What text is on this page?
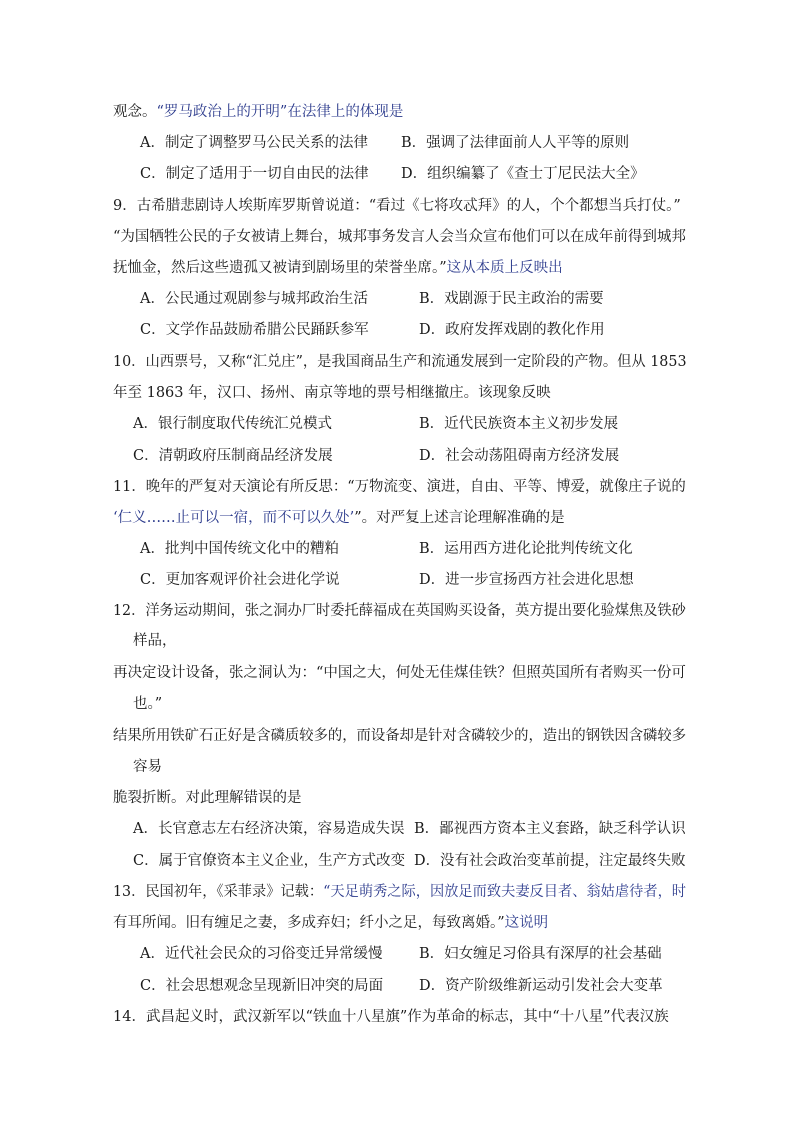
观念。“罗马政治上的开明”在法律上的体现是
A．制定了调整罗马公民关系的法律 B．强调了法律面前人人平等的原则
C．制定了适用于一切自由民的法律 D．组织编纂了《查士丁尼民法大全》
9．古希腊悲剧诗人埃斯库罗斯曾说道：“看过《七将攻忒拜》的人，个个都想当兵打仗。”
“为国牺牲公民的子女被请上舞台，城邦事务发言人会当众宣布他们可以在成年前得到城邦
抚恤金，然后这些遗孤又被请到剧场里的荣誉坐席。”这从本质上反映出
A．公民通过观剧参与城邦政治生活	B．戏剧源于民主政治的需要
C．文学作品鼓励希腊公民踊跃参军	D．政府发挥戏剧的教化作用
10．山西票号，又称“汇兑庄”，是我国商品生产和流通发展到一定阶段的产物。但从 1853
年至 1863 年，汉口、扬州、南京等地的票号相继撤庄。该现象反映
A．银行制度取代传统汇兑模式	B．近代民族资本主义初步发展
C．清朝政府压制商品经济发展	D．社会动荡阻碍南方经济发展
11．晚年的严复对天演论有所反思：“万物流变、演进，自由、平等、博爱，就像庄子说的
‘仁义……止可以一宿，而不可以久处’”。对严复上述言论理解准确的是
A．批判中国传统文化中的糟粕	B．运用西方进化论批判传统文化
C．更加客观评价社会进化学说	D．进一步宣扬西方社会进化思想
12．洋务运动期间，张之洞办厂时委托薛福成在英国购买设备，英方提出要化验煤焦及铁砂
样品，
再决定设计设备，张之洞认为：“中国之大，何处无佳煤佳铁？但照英国所有者购买一份可
也。”
结果所用铁矿石正好是含磷质较多的，而设备却是针对含磷较少的，造出的钢铁因含磷较多
容易
脆裂折断。对此理解错误的是
A．长官意志左右经济决策，容易造成失误 B．鄙视西方资本主义套路，缺乏科学认识
C．属于官僚资本主义企业，生产方式改变 D．没有社会政治变革前提，注定最终失败
13．民国初年，《采菲录》记载：“天足萌秀之际，因放足而致夫妻反目者、翁姑虐待者，时
有耳所闻。旧有缠足之妻，多成弃妇；纤小之足，每致离婚。”这说明
A．近代社会民众的习俗变迁异常缓慢	B．妇女缠足习俗具有深厚的社会基础
C．社会思想观念呈现新旧冲突的局面 D．资产阶级维新运动引发社会大变革
14．武昌起义时，武汉新军以“铁血十八星旗”作为革命的标志，其中“十八星”代表汉族
